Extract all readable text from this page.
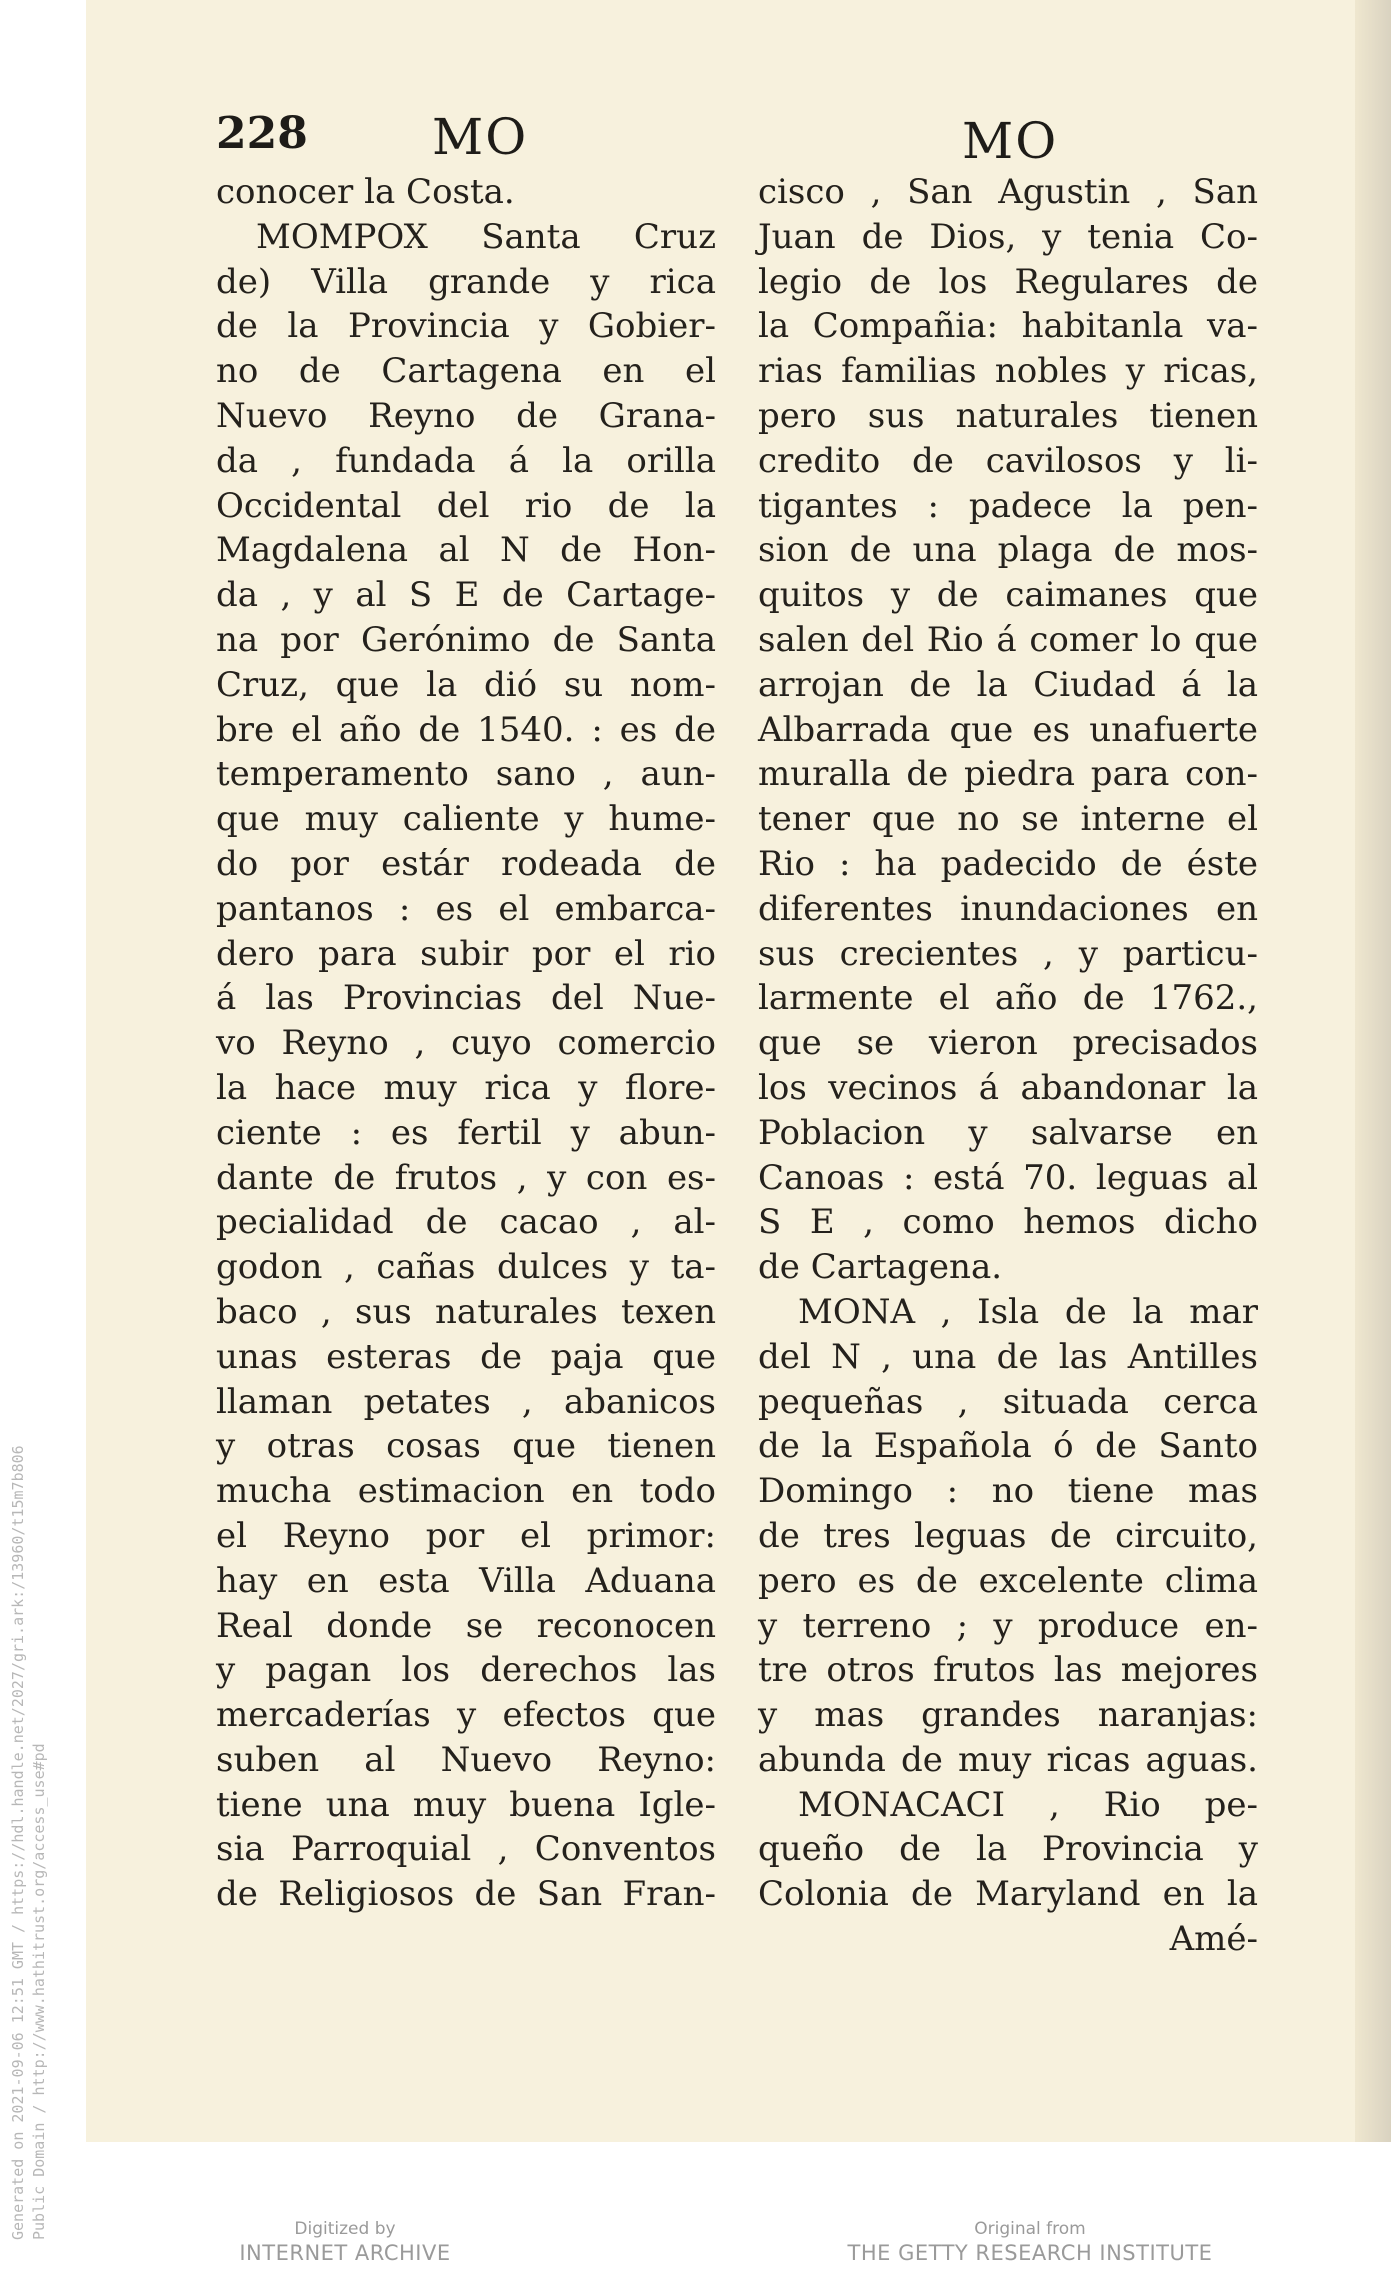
Generated on 2021-09-06 12:51 GMT / https://hdl.handle.net/2027/gri.ark:/13960/t15m7b806 Public Domain / http://www.hathitrust.org/access_use#pd
228 MO	MO
conocer la Costa.
MOMPOX Santa Cruz
de) Villa grande y rica
de la Provincia y Gobier-
no de Cartagena en el
Nuevo Reyno de Grana-
da , fundada á la orilla
Occidental del rio de la
Magdalena al N de Hon-
da , y al S E de Cartage-
na por Gerónimo de Santa
Cruz, que la dió su nom-
bre el año de 1540. : es de
temperamento sano , aun-
que muy caliente y hume-
do por estár rodeada de
pantanos : es el embarca-
dero para subir por el rio
á las Provincias del Nue-
vo Reyno , cuyo comercio
la hace muy rica y flore-
ciente : es fertil y abun-
dante de frutos , y con es-
pecialidad de cacao , al-
godon , cañas dulces y ta-
baco , sus naturales texen
unas esteras de paja que
llaman petates , abanicos
y otras cosas que tienen
mucha estimacion en todo
el Reyno por el primor:
hay en esta Villa Aduana
Real donde se reconocen
y pagan los derechos las
mercaderías y efectos que
suben al Nuevo Reyno:
tiene una muy buena Igle-
sia Parroquial , Conventos
de Religiosos de San Fran-
cisco , San Agustin , San
Juan de Dios, y tenia Co-
legio de los Regulares de
la Compañia: habitanla va-
rias familias nobles y ricas,
pero sus naturales tienen
credito de cavilosos y li-
tigantes : padece la pen-
sion de una plaga de mos-
quitos y de caimanes que
salen del Rio á comer lo que
arrojan de la Ciudad á la
Albarrada que es unafuerte
muralla de piedra para con-
tener que no se interne el
Rio : ha padecido de éste
diferentes inundaciones en
sus crecientes , y particu-
larmente el año de 1762.,
que se vieron precisados
los vecinos á abandonar la
Poblacion y salvarse en
Canoas : está 70. leguas al
S E , como hemos dicho
de Cartagena.
MONA , Isla de la mar
del N , una de las Antilles
pequeñas , situada cerca
de la Española ó de Santo
Domingo : no tiene mas
de tres leguas de circuito,
pero es de excelente clima
y terreno ; y produce en-
tre otros frutos las mejores
y mas grandes naranjas:
abunda de muy ricas aguas.
MONACACI , Rio pe-
queño de la Provincia y
Colonia de Maryland en la
Amé-
Digitized by
INTERNET ARCHIVE
Original from
THE GETTY RESEARCH INSTITUTE
